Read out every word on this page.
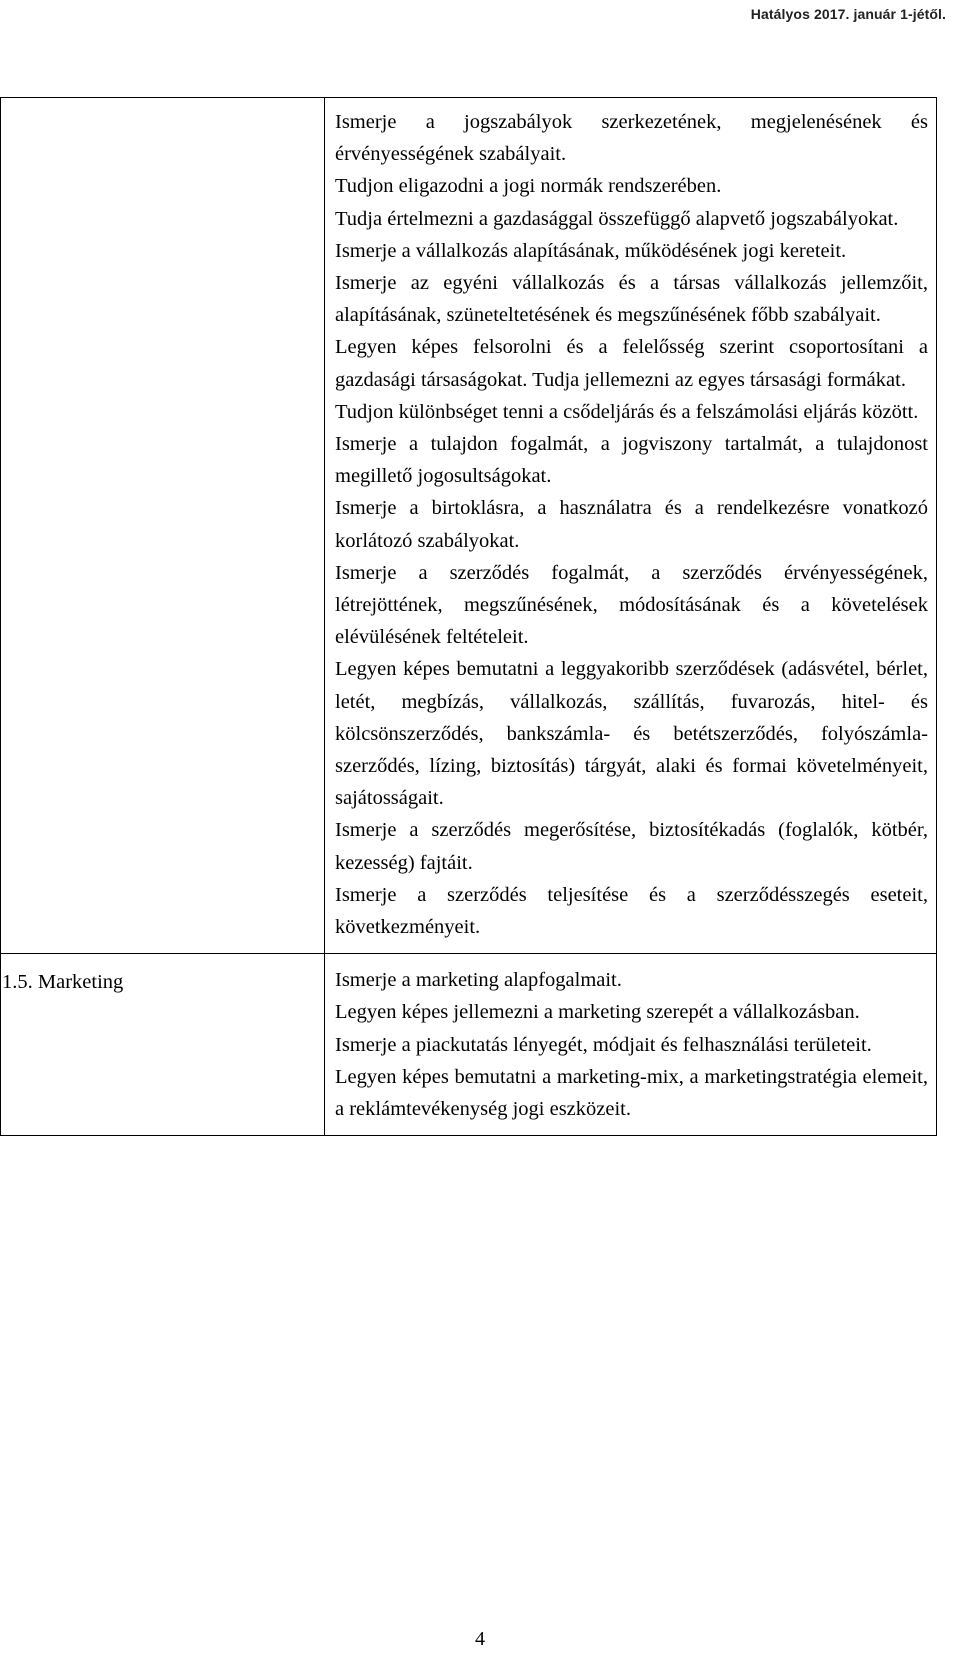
Hatályos 2017. január 1-jétől.

Ismerje a jogszabályok szerkezetének, megjelenésének és érvényességének szabályait.

Tudjon eligazodni a jogi normák rendszerében.

Tudja értelmezni a gazdasággal összefüggő alapvető jogszabályokat.

Ismerje a vállalkozás alapításának, működésének jogi kereteit.

Ismerje az egyéni vállalkozás és a társas vállalkozás jellemzőit, alapításának, szüneteltetésének és megszűnésének főbb szabályait.

Legyen képes felsorolni és a felelősség szerint csoportosítani a gazdasági társaságokat. Tudja jellemezni az egyes társasági formákat.

Tudjon különbséget tenni a csődeljárás és a felszámolási eljárás között.

Ismerje a tulajdon fogalmát, a jogviszony tartalmát, a tulajdonost megillető jogosultságokat.

Ismerje a birtoklásra, a használatra és a rendelkezésre vonatkozó korlátozó szabályokat.

Ismerje a szerződés fogalmát, a szerződés érvényességének, létrejöttének, megszűnésének, módosításának és a követelések elévülésének feltételeit.

Legyen képes bemutatni a leggyakoribb szerződések (adásvétel, bérlet, letét, megbízás, vállalkozás, szállítás, fuvarozás, hitel- és kölcsönszerződés, bankszámla- és betétszerződés, folyószámla-szerződés, lízing, biztosítás) tárgyát, alaki és formai követelményeit, sajátosságait.

Ismerje a szerződés megerősítése, biztosítékadás (foglalók, kötbér, kezesség) fajtáit.

Ismerje a szerződés teljesítése és a szerződésszegés eseteit, következményeit.

1.5. Marketing	Ismerje a marketing alapfogalmait.

Legyen képes jellemezni a marketing szerepét a vállalkozásban.

Ismerje a piackutatás lényegét, módjait és felhasználási területeit.

Legyen képes bemutatni a marketing-mix, a marketingstratégia elemeit, a reklámtevékenység jogi eszközeit.

4
